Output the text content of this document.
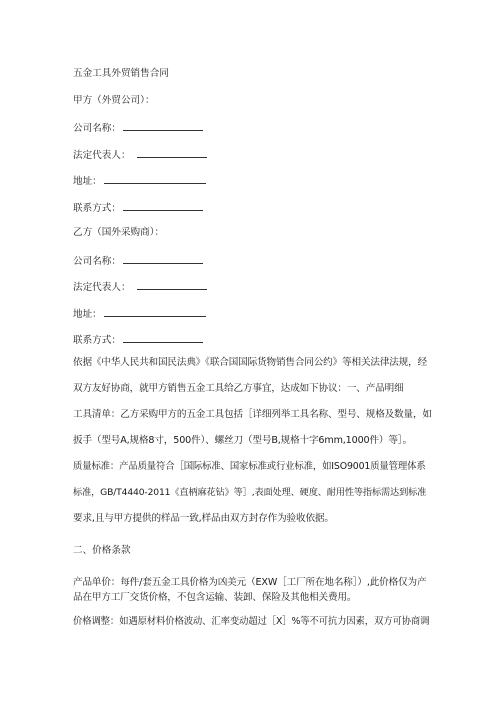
五金工具外贸销售合同
甲方（外贸公司）：
公司名称：
法定代表人：
地址：
联系方式：
乙方（国外采购商）：
公司名称：
法定代表人：
地址：
联系方式：
依据《中华人民共和国民法典》《联合国国际货物销售合同公约》等相关法律法规，经
双方友好协商，就甲方销售五金工具给乙方事宜，达成如下协议：一、产品明细
工具清单：乙方采购甲方的五金工具包括［详细列举工具名称、型号、规格及数量，如
扳手（型号A,规格8寸，500件）、螺丝刀（型号B,规格十字6mm,1000件）等］。
质量标准：产品质量符合［国际标准、国家标准或行业标准，如ISO9001质量管理体系
标准，GB/T4440-2011《直柄麻花钻》等］,表面处理、硬度、耐用性等指标需达到标准
要求,且与甲方提供的样品一致,样品由双方封存作为验收依据。
二、价格条款
产品单价：每件/套五金工具价格为凶美元（EXW［工厂所在地名称］）,此价格仅为产
品在甲方工厂交货价格，不包含运输、装卸、保险及其他相关费用。
价格调整：如遇原材料价格波动、汇率变动超过［X］%等不可抗力因素，双方可协商调
